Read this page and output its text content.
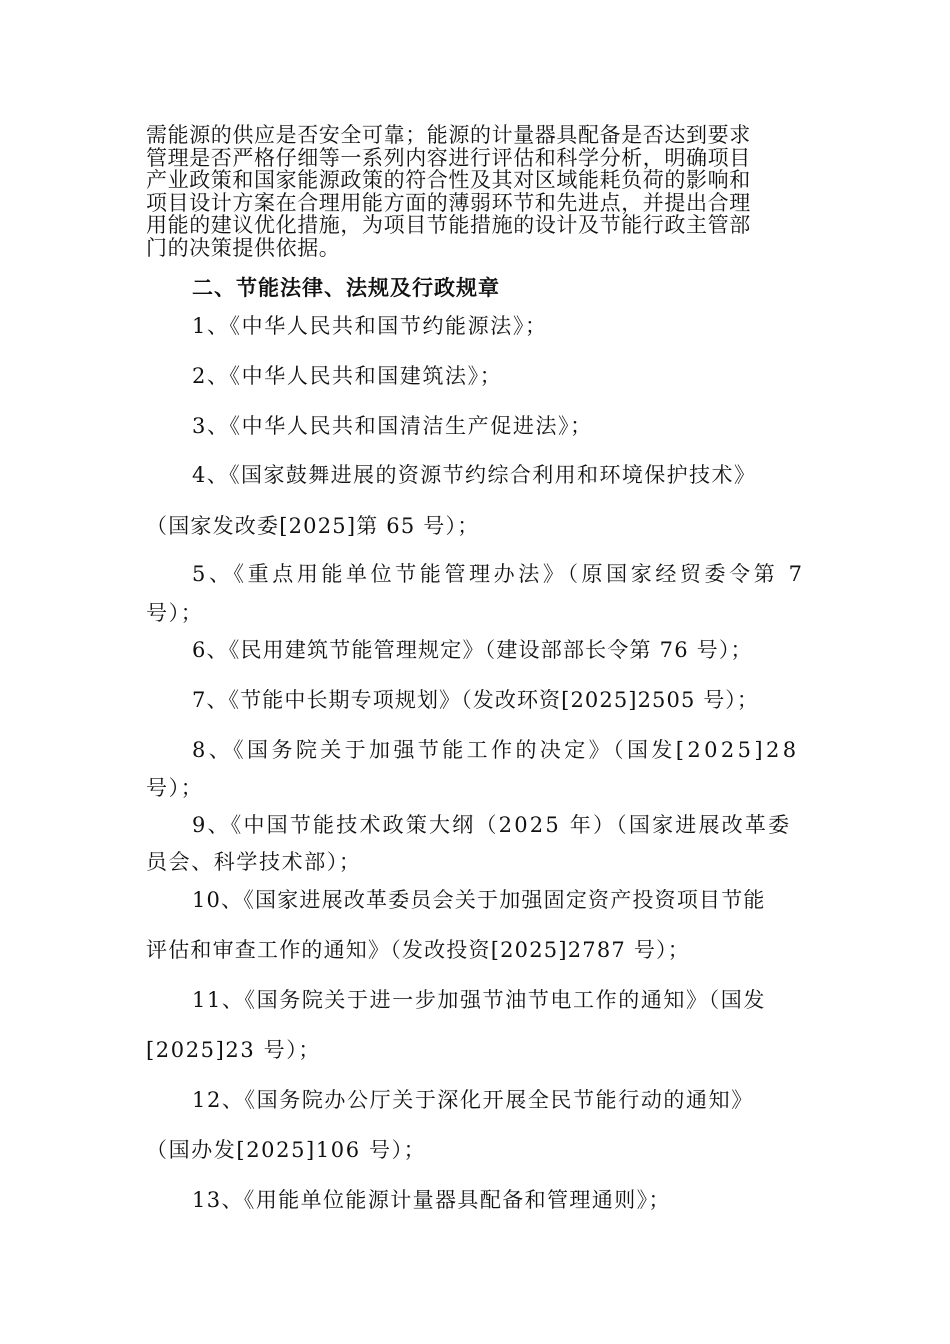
需能源的供应是否安全可靠；能源的计量器具配备是否达到要求
管理是否严格仔细等一系列内容进行评估和科学分析，明确项目
产业政策和国家能源政策的符合性及其对区域能耗负荷的影响和
项目设计方案在合理用能方面的薄弱环节和先进点，并提出合理
用能的建议优化措施，为项目节能措施的设计及节能行政主管部
门的决策提供依据。
二、节能法律、法规及行政规章
1、《中华人民共和国节约能源法》；
2、《中华人民共和国建筑法》；
3、《中华人民共和国清洁生产促进法》；
4、《国家鼓舞进展的资源节约综合利用和环境保护技术》
（国家发改委[2025]第 65 号）；
5、《重点用能单位节能管理办法》（原国家经贸委令第 7
号）；
6、《民用建筑节能管理规定》（建设部部长令第 76 号）；
7、《节能中长期专项规划》（发改环资[2025]2505 号）；
8、《国务院关于加强节能工作的决定》（国发[2025]28
号）；
9、《中国节能技术政策大纲（2025 年）（国家进展改革委
员会、科学技术部）；
10、《国家进展改革委员会关于加强固定资产投资项目节能
评估和审查工作的通知》（发改投资[2025]2787 号）；
11、《国务院关于进一步加强节油节电工作的通知》（国发
[2025]23 号）；
12、《国务院办公厅关于深化开展全民节能行动的通知》
（国办发[2025]106 号）；
13、《用能单位能源计量器具配备和管理通则》；
